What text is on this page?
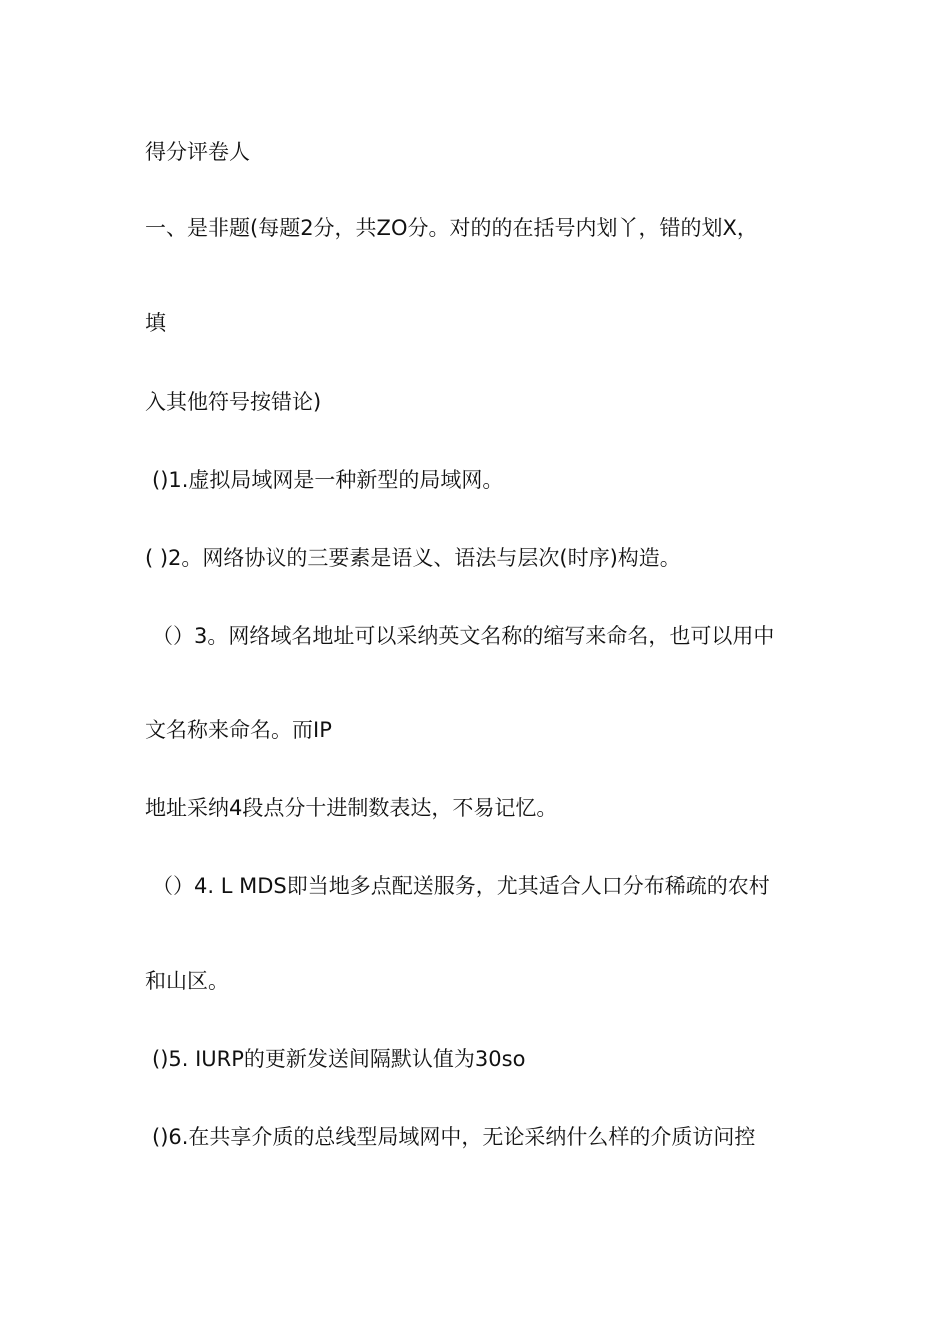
得分评卷人
一、是非题(每题2分，共ZO分。对的的在括号内划丫，错的划X，
填
入其他符号按错论)
()1.虚拟局域网是一种新型的局域网。
( )2。网络协议的三要素是语义、语法与层次(时序)构造。
（）3。网络域名地址可以采纳英文名称的缩写来命名，也可以用中
文名称来命名。而IP
地址采纳4段点分十进制数表达，不易记忆。
（）4. L MDS即当地多点配送服务，尤其适合人口分布稀疏的农村
和山区。
()5. IURP的更新发送间隔默认值为30so
()6.在共享介质的总线型局域网中，无论采纳什么样的介质访问控
